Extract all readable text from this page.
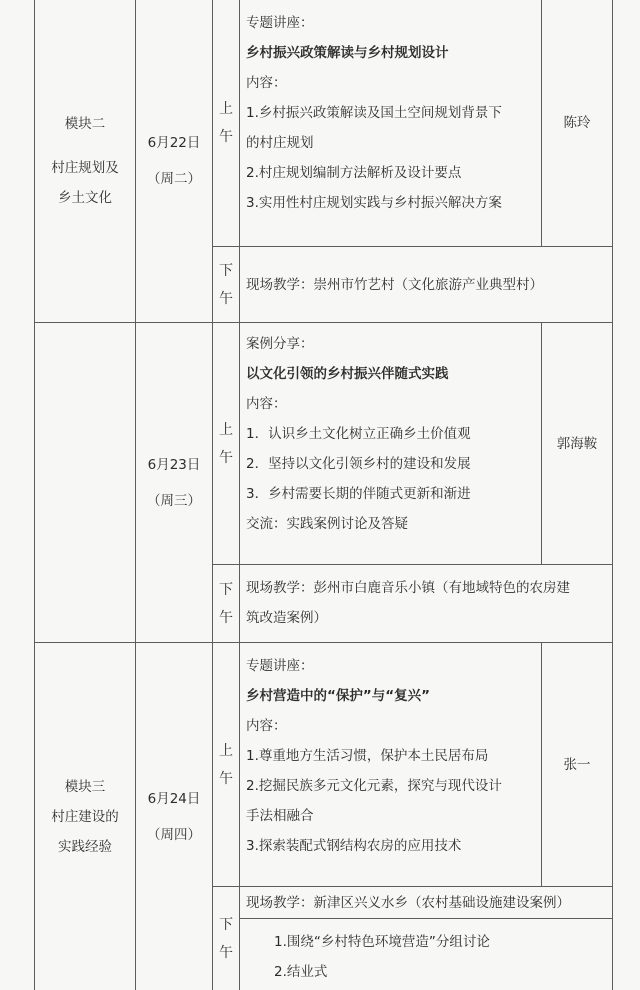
模块二
村庄规划及
乡土文化
模块三
村庄建设的
实践经验
6月22日
（周二）
6月23日
（周三）
6月24日
（周四）
上
午
下
午
上
午
下
午
上
午
下
午
专题讲座：
乡村振兴政策解读与乡村规划设计
内容：
1.乡村振兴政策解读及国土空间规划背景下
的村庄规划
2.村庄规划编制方法解析及设计要点
3.实用性村庄规划实践与乡村振兴解决方案
陈玲
现场教学：崇州市竹艺村（文化旅游产业典型村）
案例分享：
以文化引领的乡村振兴伴随式实践
内容：
1．认识乡土文化树立正确乡土价值观
2．坚持以文化引领乡村的建设和发展
3．乡村需要长期的伴随式更新和渐进
交流：实践案例讨论及答疑
郭海鞍
现场教学：彭州市白鹿音乐小镇（有地域特色的农房建
筑改造案例）
专题讲座：
乡村营造中的“保护”与“复兴”
内容：
1.尊重地方生活习惯，保护本土民居布局
2.挖掘民族多元文化元素，探究与现代设计
手法相融合
3.探索装配式钢结构农房的应用技术
张一
现场教学：新津区兴义水乡（农村基础设施建设案例）
1.围绕“乡村特色环境营造”分组讨论
2.结业式
